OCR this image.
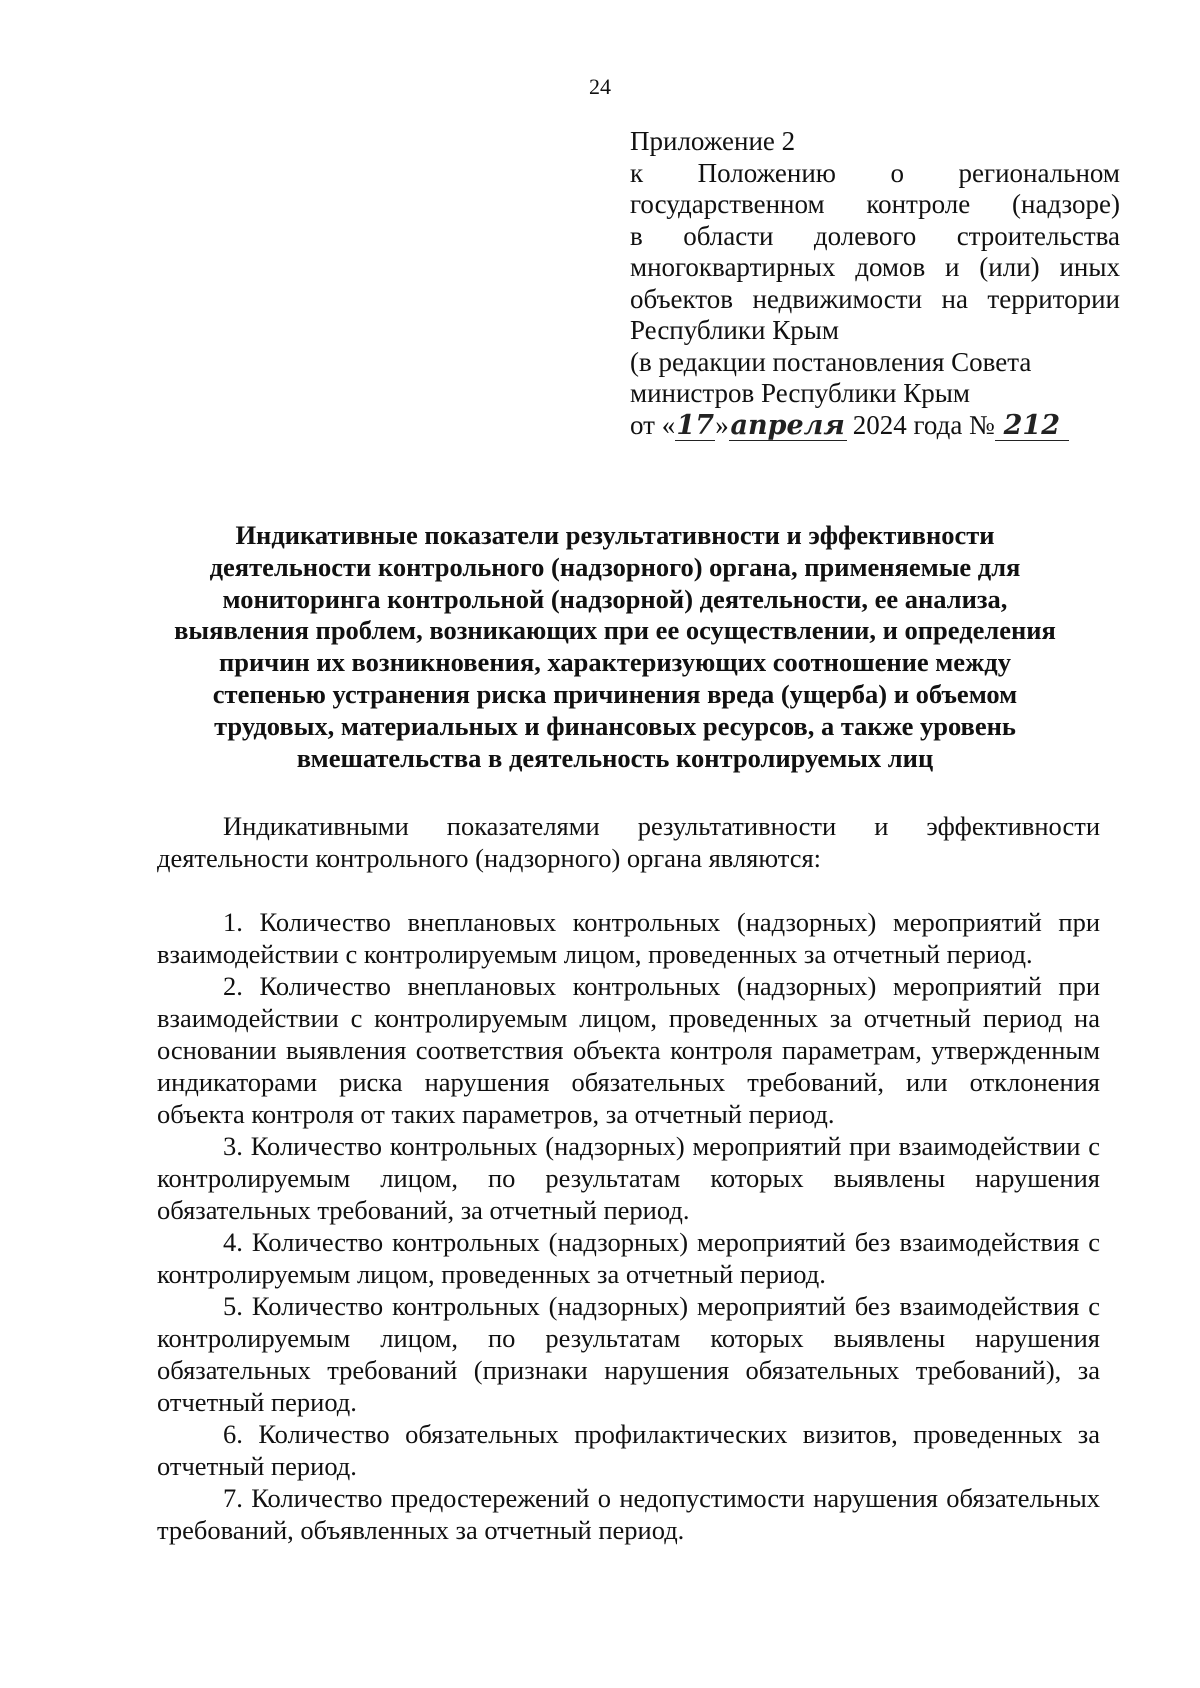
24
Приложение 2
к Положению о региональном
государственном контроле (надзоре)
в области долевого строительства
многоквартирных домов и (или) иных
объектов недвижимости на территории
Республики Крым
(в редакции постановления Совета
министров Республики Крым
от « 17 » апреля 2024 года № 212
Индикативные показатели результативности и эффективности
деятельности контрольного (надзорного) органа, применяемые для
мониторинга контрольной (надзорной) деятельности, ее анализа,
выявления проблем, возникающих при ее осуществлении, и определения
причин их возникновения, характеризующих соотношение между
степенью устранения риска причинения вреда (ущерба) и объемом
трудовых, материальных и финансовых ресурсов, а также уровень
вмешательства в деятельность контролируемых лиц

Индикативными показателями результативности и эффективности деятельности контрольного (надзорного) органа являются:

1. Количество внеплановых контрольных (надзорных) мероприятий при взаимодействии с контролируемым лицом, проведенных за отчетный период.

2. Количество внеплановых контрольных (надзорных) мероприятий при взаимодействии с контролируемым лицом, проведенных за отчетный период на основании выявления соответствия объекта контроля параметрам, утвержденным индикаторами риска нарушения обязательных требований, или отклонения объекта контроля от таких параметров, за отчетный период.

3. Количество контрольных (надзорных) мероприятий при взаимодействии с контролируемым лицом, по результатам которых выявлены нарушения обязательных требований, за отчетный период.

4. Количество контрольных (надзорных) мероприятий без взаимодействия с контролируемым лицом, проведенных за отчетный период.

5. Количество контрольных (надзорных) мероприятий без взаимодействия с контролируемым лицом, по результатам которых выявлены нарушения обязательных требований (признаки нарушения обязательных требований), за отчетный период.

6. Количество обязательных профилактических визитов, проведенных за отчетный период.

7. Количество предостережений о недопустимости нарушения обязательных требований, объявленных за отчетный период.
